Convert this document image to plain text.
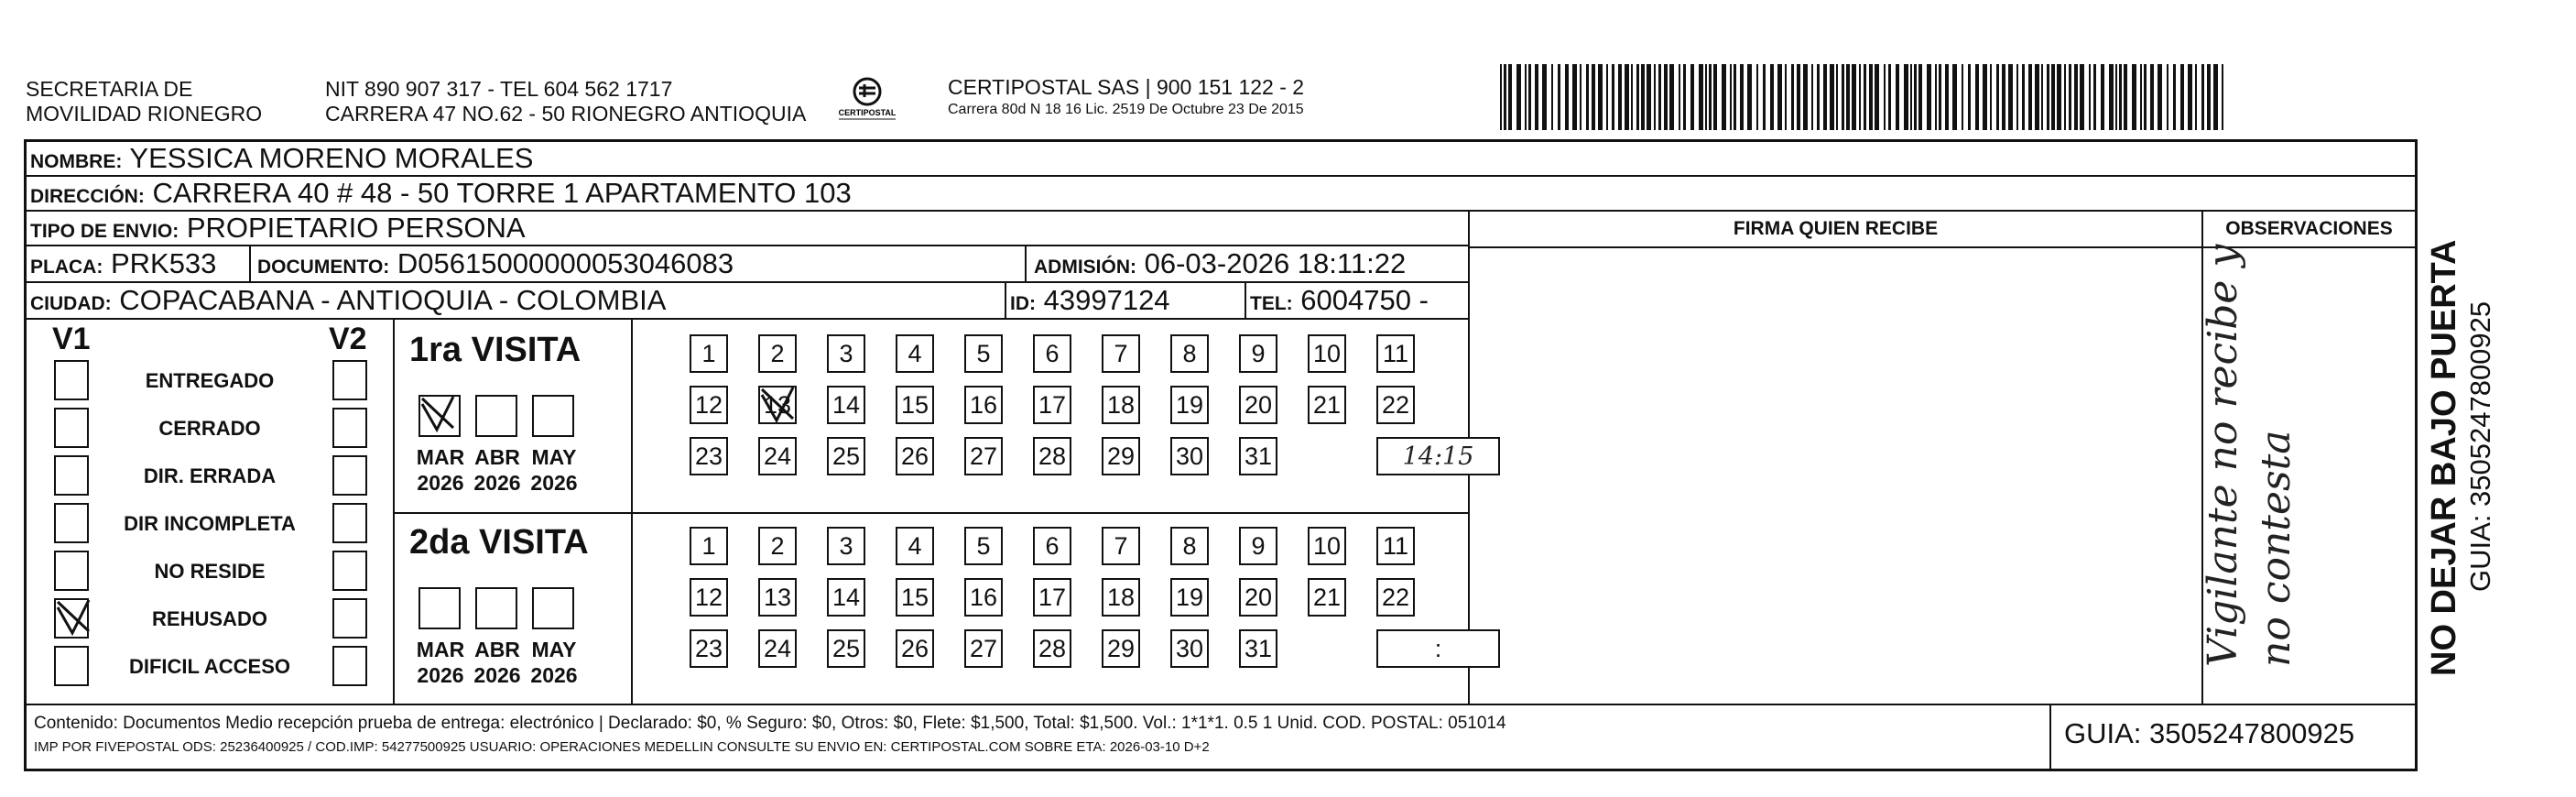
SECRETARIA DE
MOVILIDAD RIONEGRO
NIT 890 907 317 - TEL 604 562 1717
CARRERA 47 NO.62 - 50 RIONEGRO ANTIOQUIA	CERTIPOSTAL
CERTIPOSTAL SAS | 900 151 122 - 2
Carrera 80d N 18 16 Lic. 2519 De Octubre 23 De 2015
NOMBRE: YESSICA MORENO MORALES
DIRECCIÓN: CARRERA 40 # 48 - 50 TORRE 1 APARTAMENTO 103
TIPO DE ENVIO: PROPIETARIO PERSONA
PLACA: PRK533 DOCUMENTO: D05615000000053046083	ADMISIÓN: 06-03-2026 18:11:22
CIUDAD: COPACABANA - ANTIOQUIA - COLOMBIA	ID: 43997124	TEL: 6004750 -
FIRMA QUIEN RECIBE	OBSERVACIONES
Vigilante no recibe y no contesta
V1	V2
ENTREGADO
CERRADO
DIR. ERRADA
DIR INCOMPLETA
NO RESIDE
REHUSADO
DIFICIL ACCESO
1ra VISITA
MAR
2026
ABR
2026
MAY
2026
1	2	3	4	5	6	7	8	9	10 11
12 13 14 15 16 17 18 19 20 21 22
23 24 25 26 27 28 29 30 31	14:15
2da VISITA
MAR
2026
ABR
2026
MAY
2026
1	2	3	4	5	6	7	8	9	10 11
12 13 14 15 16 17 18 19 20 21 22
23 24 25 26 27 28 29 30 31	:
Contenido: Documentos Medio recepción prueba de entrega: electrónico | Declarado: $0, % Seguro: $0, Otros: $0, Flete: $1,500, Total: $1,500. Vol.: 1*1*1. 0.5 1 Unid. COD. POSTAL: 051014
IMP POR FIVEPOSTAL ODS: 25236400925 / COD.IMP: 54277500925 USUARIO: OPERACIONES MEDELLIN CONSULTE SU ENVIO EN: CERTIPOSTAL.COM SOBRE ETA: 2026-03-10 D+2	GUIA: 3505247800925
NO DEJAR BAJO PUERTA GUIA: 3505247800925
